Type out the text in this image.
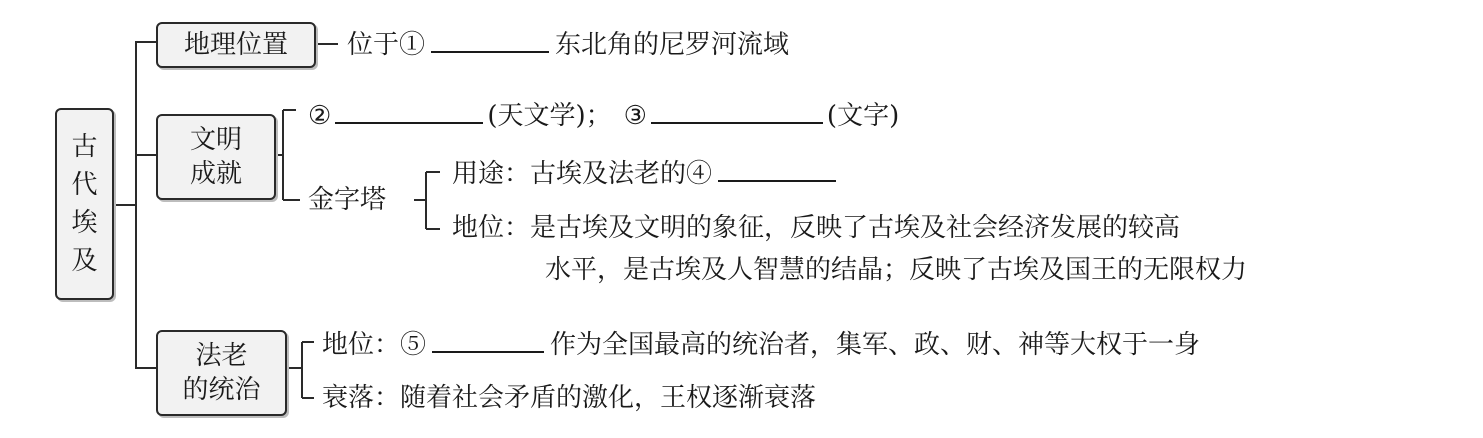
古
代
埃
及
地理位置 位于①	东北角的尼罗河流域
文明
成就
②	(天文学)； ③	(文字)
金字塔
用途：古埃及法老的④
地位：是古埃及文明的象征，反映了古埃及社会经济发展的较高
水平，是古埃及人智慧的结晶；反映了古埃及国王的无限权力
法老
的统治
地位：⑤	作为全国最高的统治者，集军、政、财、神等大权于一身
衰落：随着社会矛盾的激化，王权逐渐衰落
